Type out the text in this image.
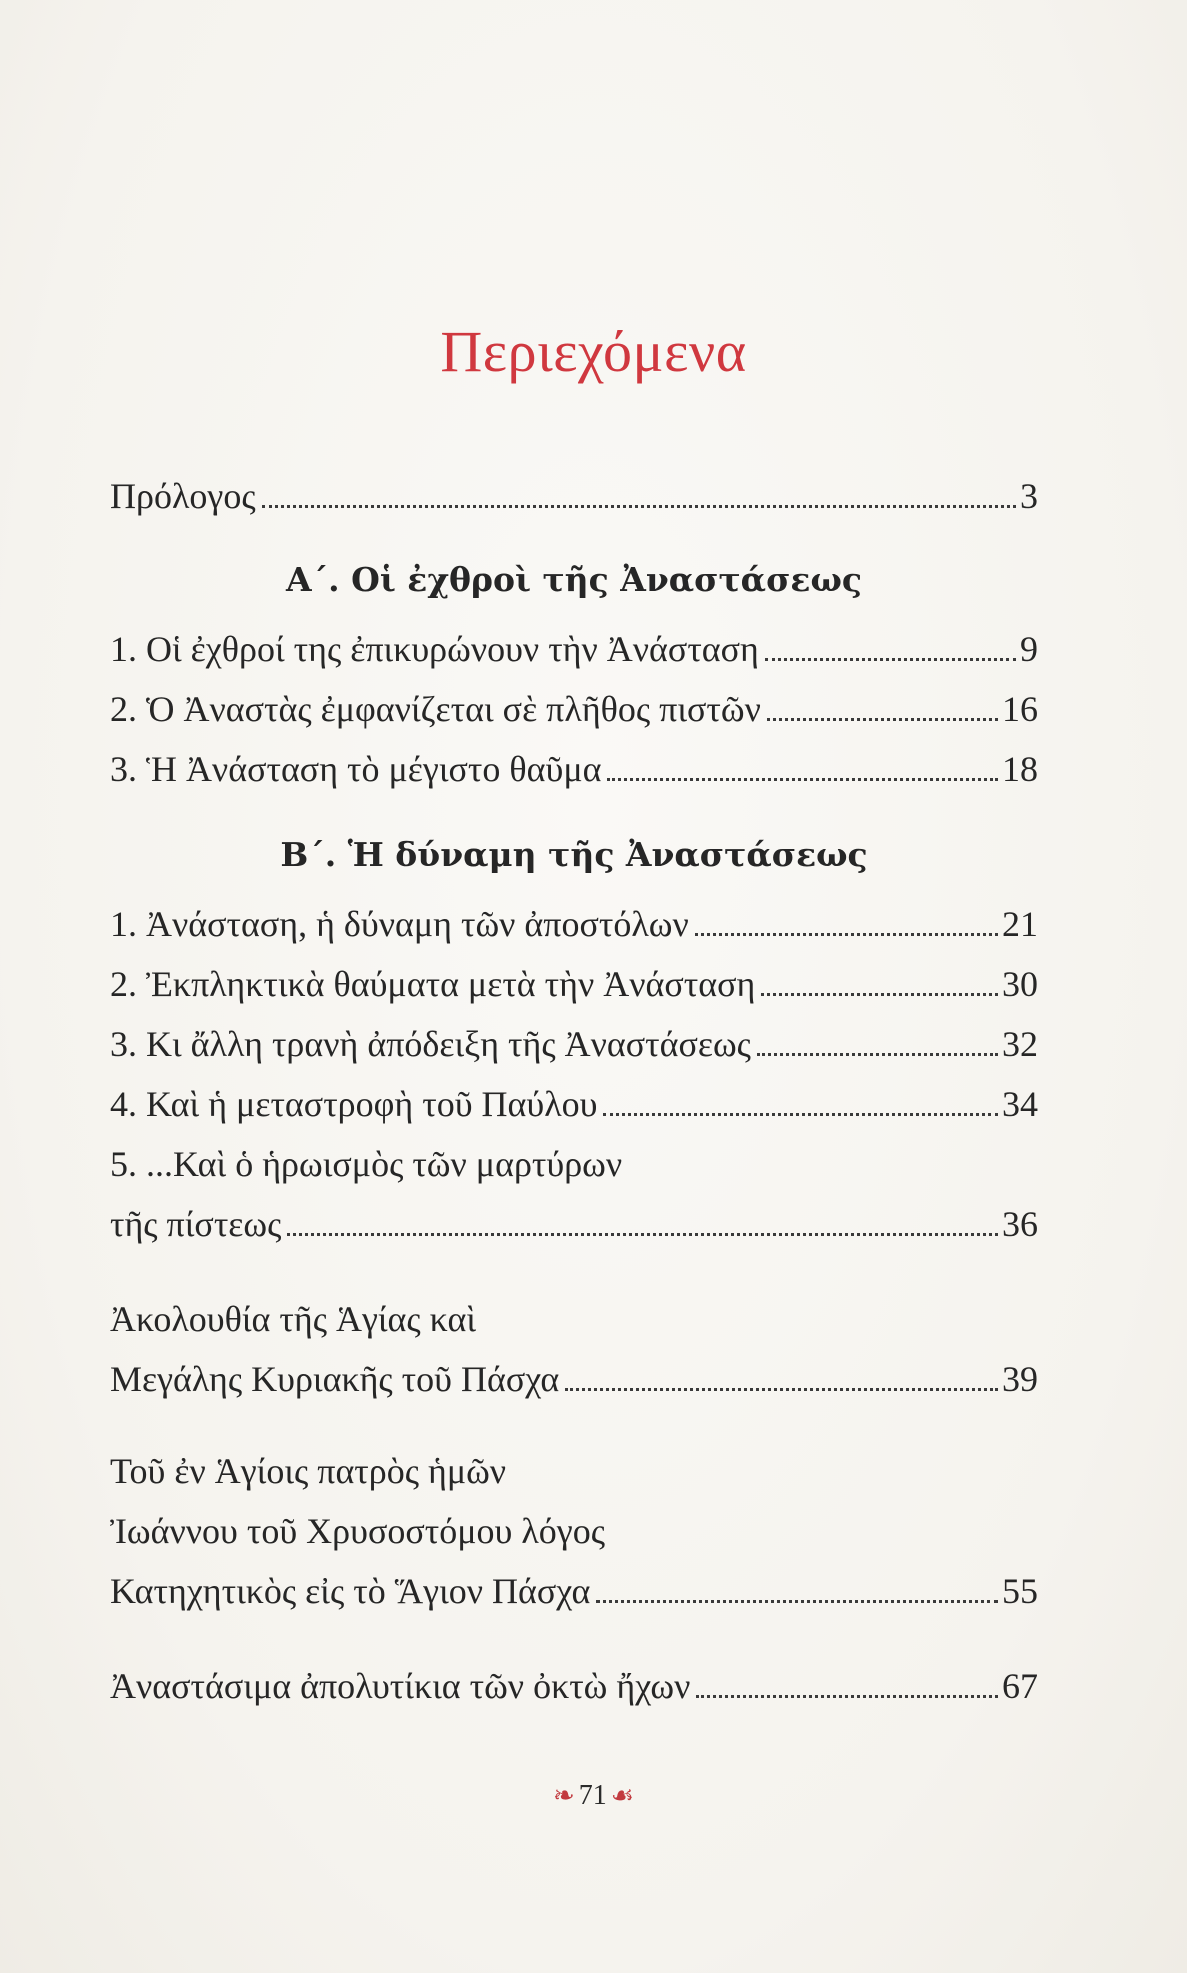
Περιεχόμενα
Πρόλογος	3
Α΄. Οἱ ἐχθροὶ τῆς Ἀναστάσεως
1. Οἱ ἐχθροί της ἐπικυρώνουν τὴν Ἀνάσταση	9
2. Ὁ Ἀναστὰς ἐμφανίζεται σὲ πλῆθος πιστῶν	16
3. Ἡ Ἀνάσταση τὸ μέγιστο θαῦμα	18
Β΄. Ἡ δύναμη τῆς Ἀναστάσεως
1. Ἀνάσταση, ἡ δύναμη τῶν ἀποστόλων	21
2. Ἐκπληκτικὰ θαύματα μετὰ τὴν Ἀνάσταση	30
3. Κι ἄλλη τρανὴ ἀπόδειξη τῆς Ἀναστάσεως	32
4. Καὶ ἡ μεταστροφὴ τοῦ Παύλου	34
5. ...Καὶ ὁ ἡρωισμὸς τῶν μαρτύρων
τῆς πίστεως	36
Ἀκολουθία τῆς Ἁγίας καὶ
Μεγάλης Κυριακῆς τοῦ Πάσχα	39
Τοῦ ἐν Ἁγίοις πατρὸς ἡμῶν
Ἰωάννου τοῦ Χρυσοστόμου λόγος
Κατηχητικὸς εἰς τὸ Ἅγιον Πάσχα	55
Ἀναστάσιμα ἀπολυτίκια τῶν ὀκτὼ ἤχων	67
❧ 71 ☙
